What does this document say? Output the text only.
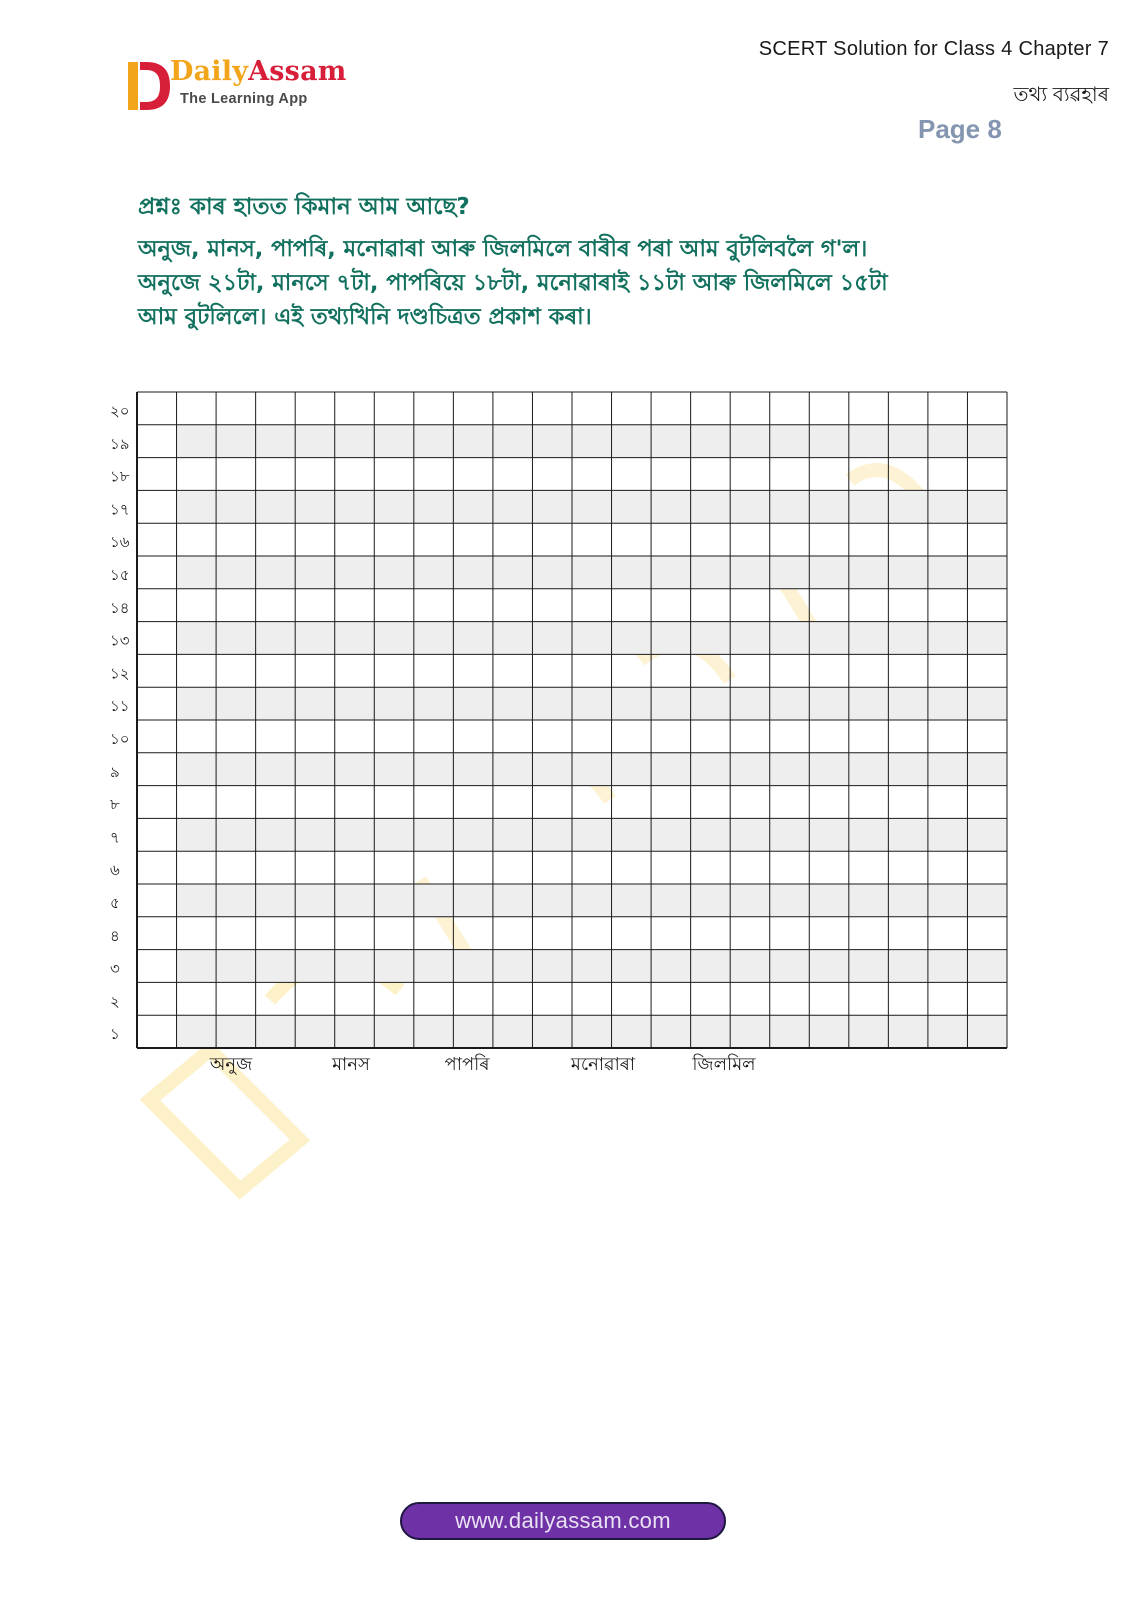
DailyAssam
The Learning App
SCERT Solution for Class 4 Chapter 7
তথ্য ব্যৱহাৰ
Page 8
প্ৰশ্নঃ কাৰ হাতত কিমান আম আছে?
অনুজ, মানস, পাপৰি, মনোৱাৰা আৰু জিলমিলে বাৰীৰ পৰা আম বুটলিবলৈ গ'ল।
অনুজে ২১টা, মানসে ৭টা, পাপৰিয়ে ১৮টা, মনোৱাৰাই ১১টা আৰু জিলমিলে ১৫টা
আম বুটলিলে। এই তথ্যখিনি দণ্ডচিত্ৰত প্ৰকাশ কৰা।
২০
১৯
১৮
১৭
১৬
১৫
১৪
১৩
১২
১১
১০
৯
৮
৭
৬
৫
৪
৩
২
১
অনুজ	মানস	পাপৰি	মনোৱাৰা	জিলমিল
www.dailyassam.com
